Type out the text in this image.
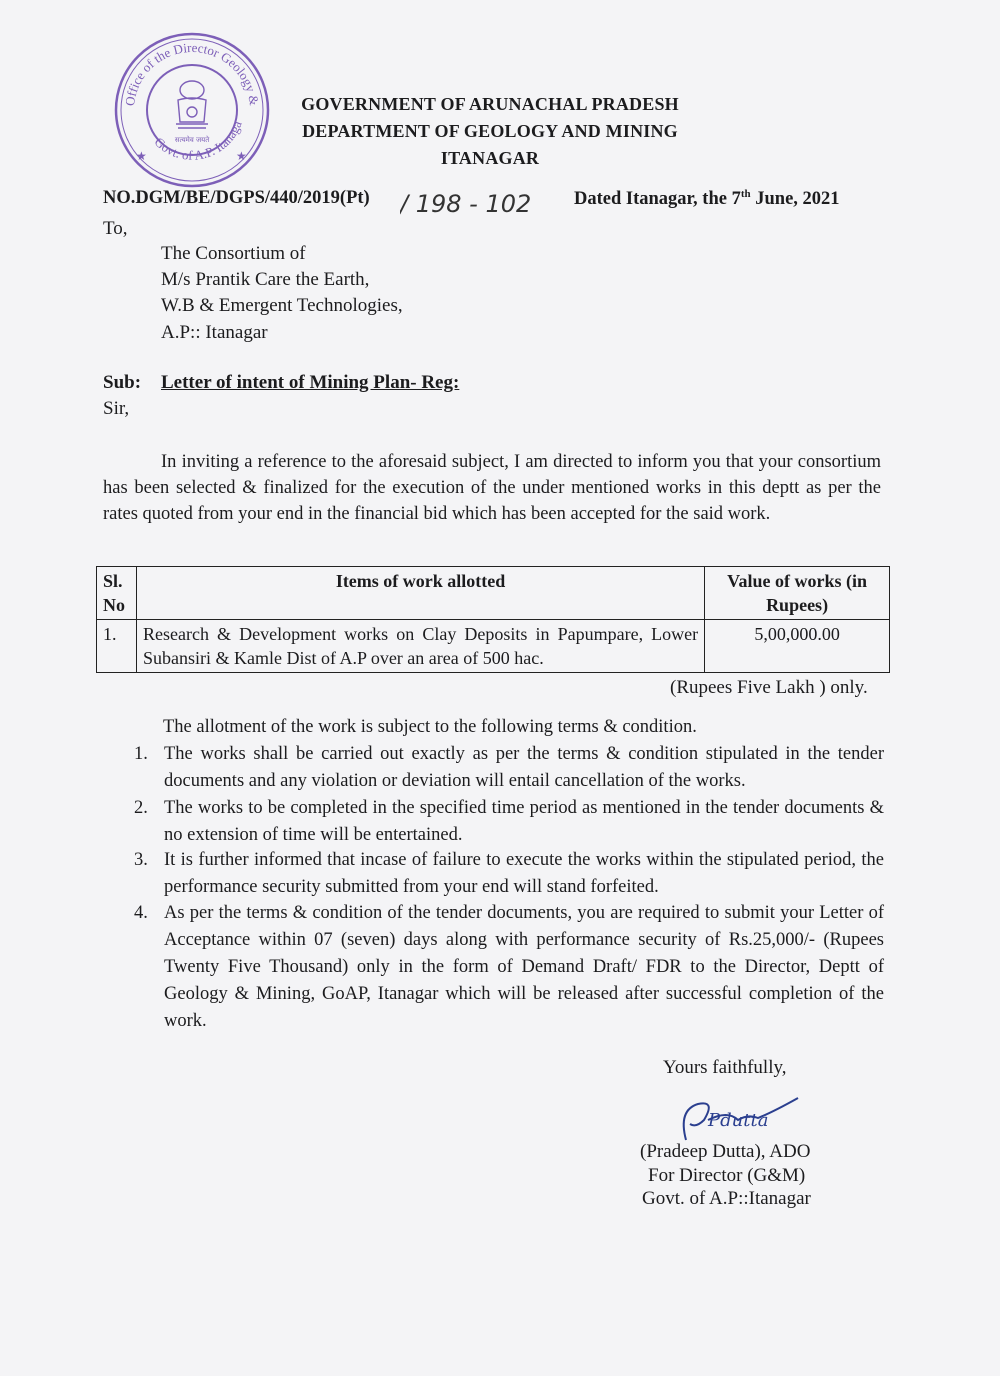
Office of the Director Geology &
Govt. of A.P. Itanaga
सत्यमेव जयते
★	★
GOVERNMENT OF ARUNACHAL PRADESH
DEPARTMENT OF GEOLOGY AND MINING
ITANAGAR
NO.DGM/BE/DGPS/440/2019(Pt) / 198 - 102 Dated Itanagar, the 7th June, 2021
To,
The Consortium of
M/s Prantik Care the Earth,
W.B & Emergent Technologies,
A.P:: Itanagar
Sub: Letter of intent of Mining Plan- Reg:
Sir,
In inviting a reference to the aforesaid subject, I am directed to inform you that your consortium has been selected & finalized for the execution of the under mentioned works in this deptt as per the rates quoted from your end in the financial bid which has been accepted for the said work.
Sl. No	Items of work allotted	Value of works (in Rupees)
1.	Research & Development works on Clay Deposits in Papumpare, Lower Subansiri & Kamle Dist of A.P over an area of 500 hac.	5,00,000.00
(Rupees Five Lakh ) only.
The allotment of the work is subject to the following terms & condition.
1. The works shall be carried out exactly as per the terms & condition stipulated in the tender documents and any violation or deviation will entail cancellation of the works.
2. The works to be completed in the specified time period as mentioned in the tender documents & no extension of time will be entertained.
3. It is further informed that incase of failure to execute the works within the stipulated period, the performance security submitted from your end will stand forfeited.
4. As per the terms & condition of the tender documents, you are required to submit your Letter of Acceptance within 07 (seven) days along with performance security of Rs.25,000/- (Rupees Twenty Five Thousand) only in the form of Demand Draft/ FDR to the Director, Deptt of Geology & Mining, GoAP, Itanagar which will be released after successful completion of the work.
Yours faithfully,
Pdutta
(Pradeep Dutta), ADO
For Director (G&M)
Govt. of A.P::Itanagar
